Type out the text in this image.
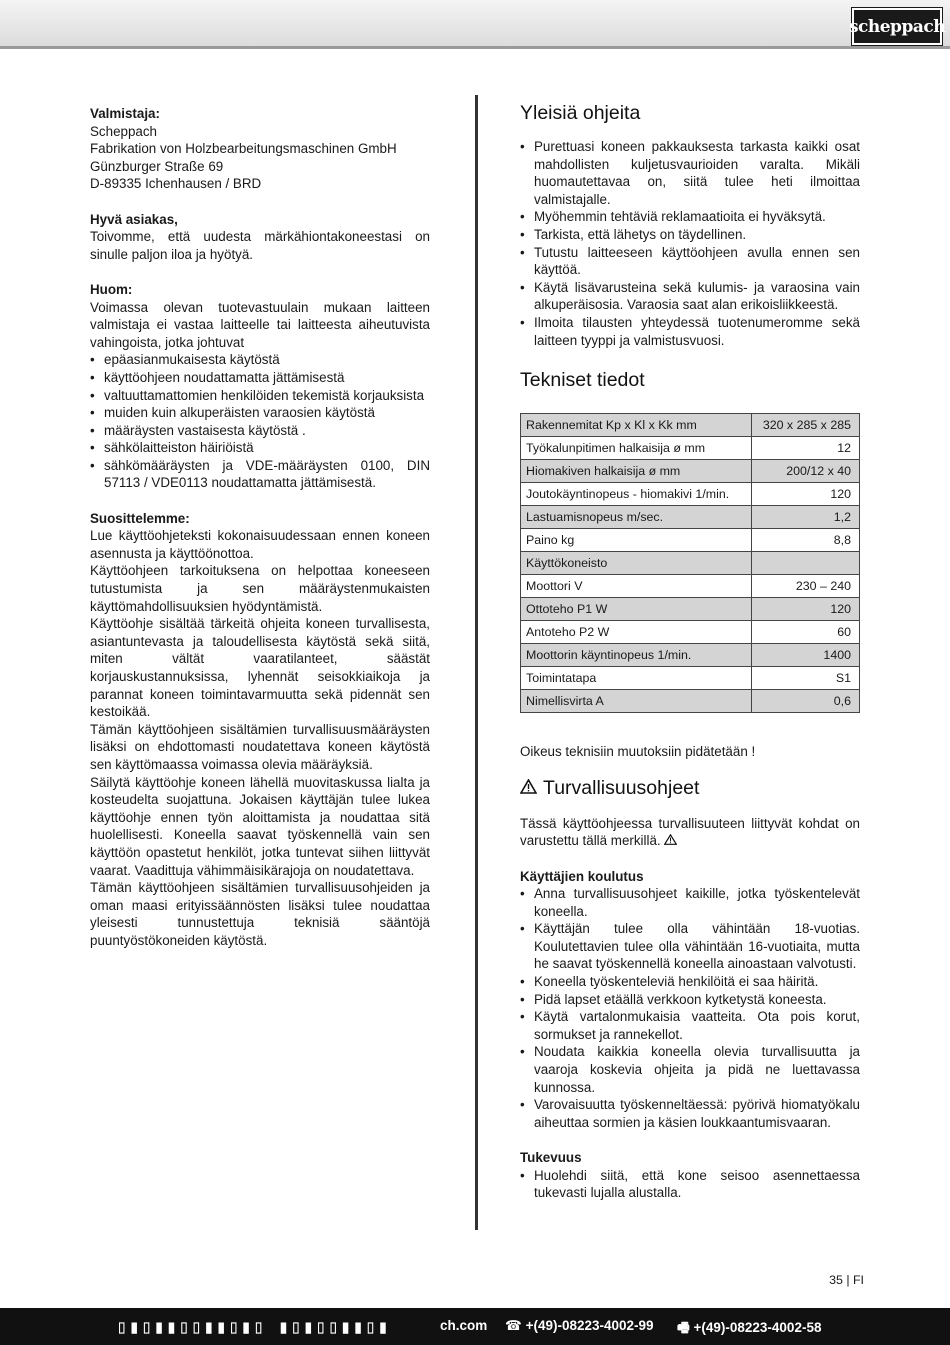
scheppach

Valmistaja:

Scheppach

Fabrikation von Holzbearbeitungsmaschinen GmbH

Günzburger Straße 69

D-89335 Ichenhausen / BRD

Hyvä asiakas,

Toivomme, että uudesta märkähiontakoneestasi on sinulle paljon iloa ja hyötyä.

Huom:

Voimassa olevan tuotevastuulain mukaan laitteen valmistaja ei vastaa laitteelle tai laitteesta aiheutuvista vahingoista, jotka johtuvat

• epäasianmukaisesta käytöstä
• käyttöohjeen noudattamatta jättämisestä
• valtuuttamattomien henkilöiden tekemistä korjauksista
• muiden kuin alkuperäisten varaosien käytöstä
• määräysten vastaisesta käytöstä .
• sähkölaitteiston häiriöistä
• sähkömääräysten ja VDE-määräysten 0100, DIN 57113 / VDE0113 noudattamatta jättämisestä.

Suosittelemme:

Lue käyttöohjeteksti kokonaisuudessaan ennen koneen asennusta ja käyttöönottoa.

Käyttöohjeen tarkoituksena on helpottaa koneeseen tutustumista ja sen määräystenmukaisten käyttömahdollisuuksien hyödyntämistä.

Käyttöohje sisältää tärkeitä ohjeita koneen turvallisesta, asiantuntevasta ja taloudellisesta käytöstä sekä siitä, miten vältät vaaratilanteet, säästät korjauskustannuksissa, lyhennät seisokkiaikoja ja parannat koneen toimintavarmuutta sekä pidennät sen kestoikää.

Tämän käyttöohjeen sisältämien turvallisuusmääräysten lisäksi on ehdottomasti noudatettava koneen käytöstä sen käyttömaassa voimassa olevia määräyksiä.

Säilytä käyttöohje koneen lähellä muovitaskussa lialta ja kosteudelta suojattuna. Jokaisen käyttäjän tulee lukea käyttöohje ennen työn aloittamista ja noudattaa sitä huolellisesti. Koneella saavat työskennellä vain sen käyttöön opastetut henkilöt, jotka tuntevat siihen liittyvät vaarat. Vaadittuja vähimmäisikärajoja on noudatettava.

Tämän käyttöohjeen sisältämien turvallisuusohjeiden ja oman maasi erityissäännösten lisäksi tulee noudattaa yleisesti tunnustettuja teknisiä sääntöjä puuntyöstökoneiden käytöstä.

Yleisiä ohjeita
• Purettuasi koneen pakkauksesta tarkasta kaikki osat mahdollisten kuljetusvaurioiden varalta. Mikäli huomautettavaa on, siitä tulee heti ilmoittaa valmistajalle.
• Myöhemmin tehtäviä reklamaatioita ei hyväksytä.
• Tarkista, että lähetys on täydellinen.
• Tutustu laitteeseen käyttöohjeen avulla ennen sen käyttöä.
• Käytä lisävarusteina sekä kulumis- ja varaosina vain alkuperäisosia. Varaosia saat alan erikoisliikkeestä.
• Ilmoita tilausten yhteydessä tuotenumeromme sekä laitteen tyyppi ja valmistusvuosi.
Tekniset tiedot
Rakennemitat Kp x Kl x Kk mm	320 x 285 x 285
Työkalunpitimen halkaisija ø mm	12
Hiomakiven halkaisija ø mm	200/12 x 40
Joutokäyntinopeus - hiomakivi 1/min.	120
Lastuamisnopeus m/sec.	1,2
Paino kg	8,8
Käyttökoneisto	
Moottori V	230 – 240
Ottoteho P1 W	120
Antoteho P2 W	60
Moottorin käyntinopeus 1/min.	1400
Toimintatapa	S1
Nimellisvirta A	0,6

Oikeus teknisiin muutoksiin pidätetään !

Turvallisuusohjeet

Tässä käyttöohjeessa turvallisuuteen liittyvät kohdat on varustettu tällä merkillä.

Käyttäjien koulutus

• Anna turvallisuusohjeet kaikille, jotka työskentelevät koneella.
• Käyttäjän tulee olla vähintään 18-vuotias. Koulutettavien tulee olla vähintään 16-vuotiaita, mutta he saavat työskennellä koneella ainoastaan valvotusti.
• Koneella työskenteleviä henkilöitä ei saa häiritä.
• Pidä lapset etäällä verkkoon kytketystä koneesta.
• Käytä vartalonmukaisia vaatteita. Ota pois korut, sormukset ja rannekellot.
• Noudata kaikkia koneella olevia turvallisuutta ja vaaroja koskevia ohjeita ja pidä ne luettavassa kunnossa.
• Varovaisuutta työskenneltäessä: pyörivä hiomatyökalu aiheuttaa sormien ja käsien loukkaantumisvaaran.

Tukevuus

• Huolehdi siitä, että kone seisoo asennettaessa tukevasti lujalla alustalla.
35 | FI
▯▮▯▮▮▯▯▮▮▯▮▯ ▮▯▮▯▯▮▮▯▮	ch.com ☎ +(49)-08223-4002-99 🖷 +(49)-08223-4002-58
